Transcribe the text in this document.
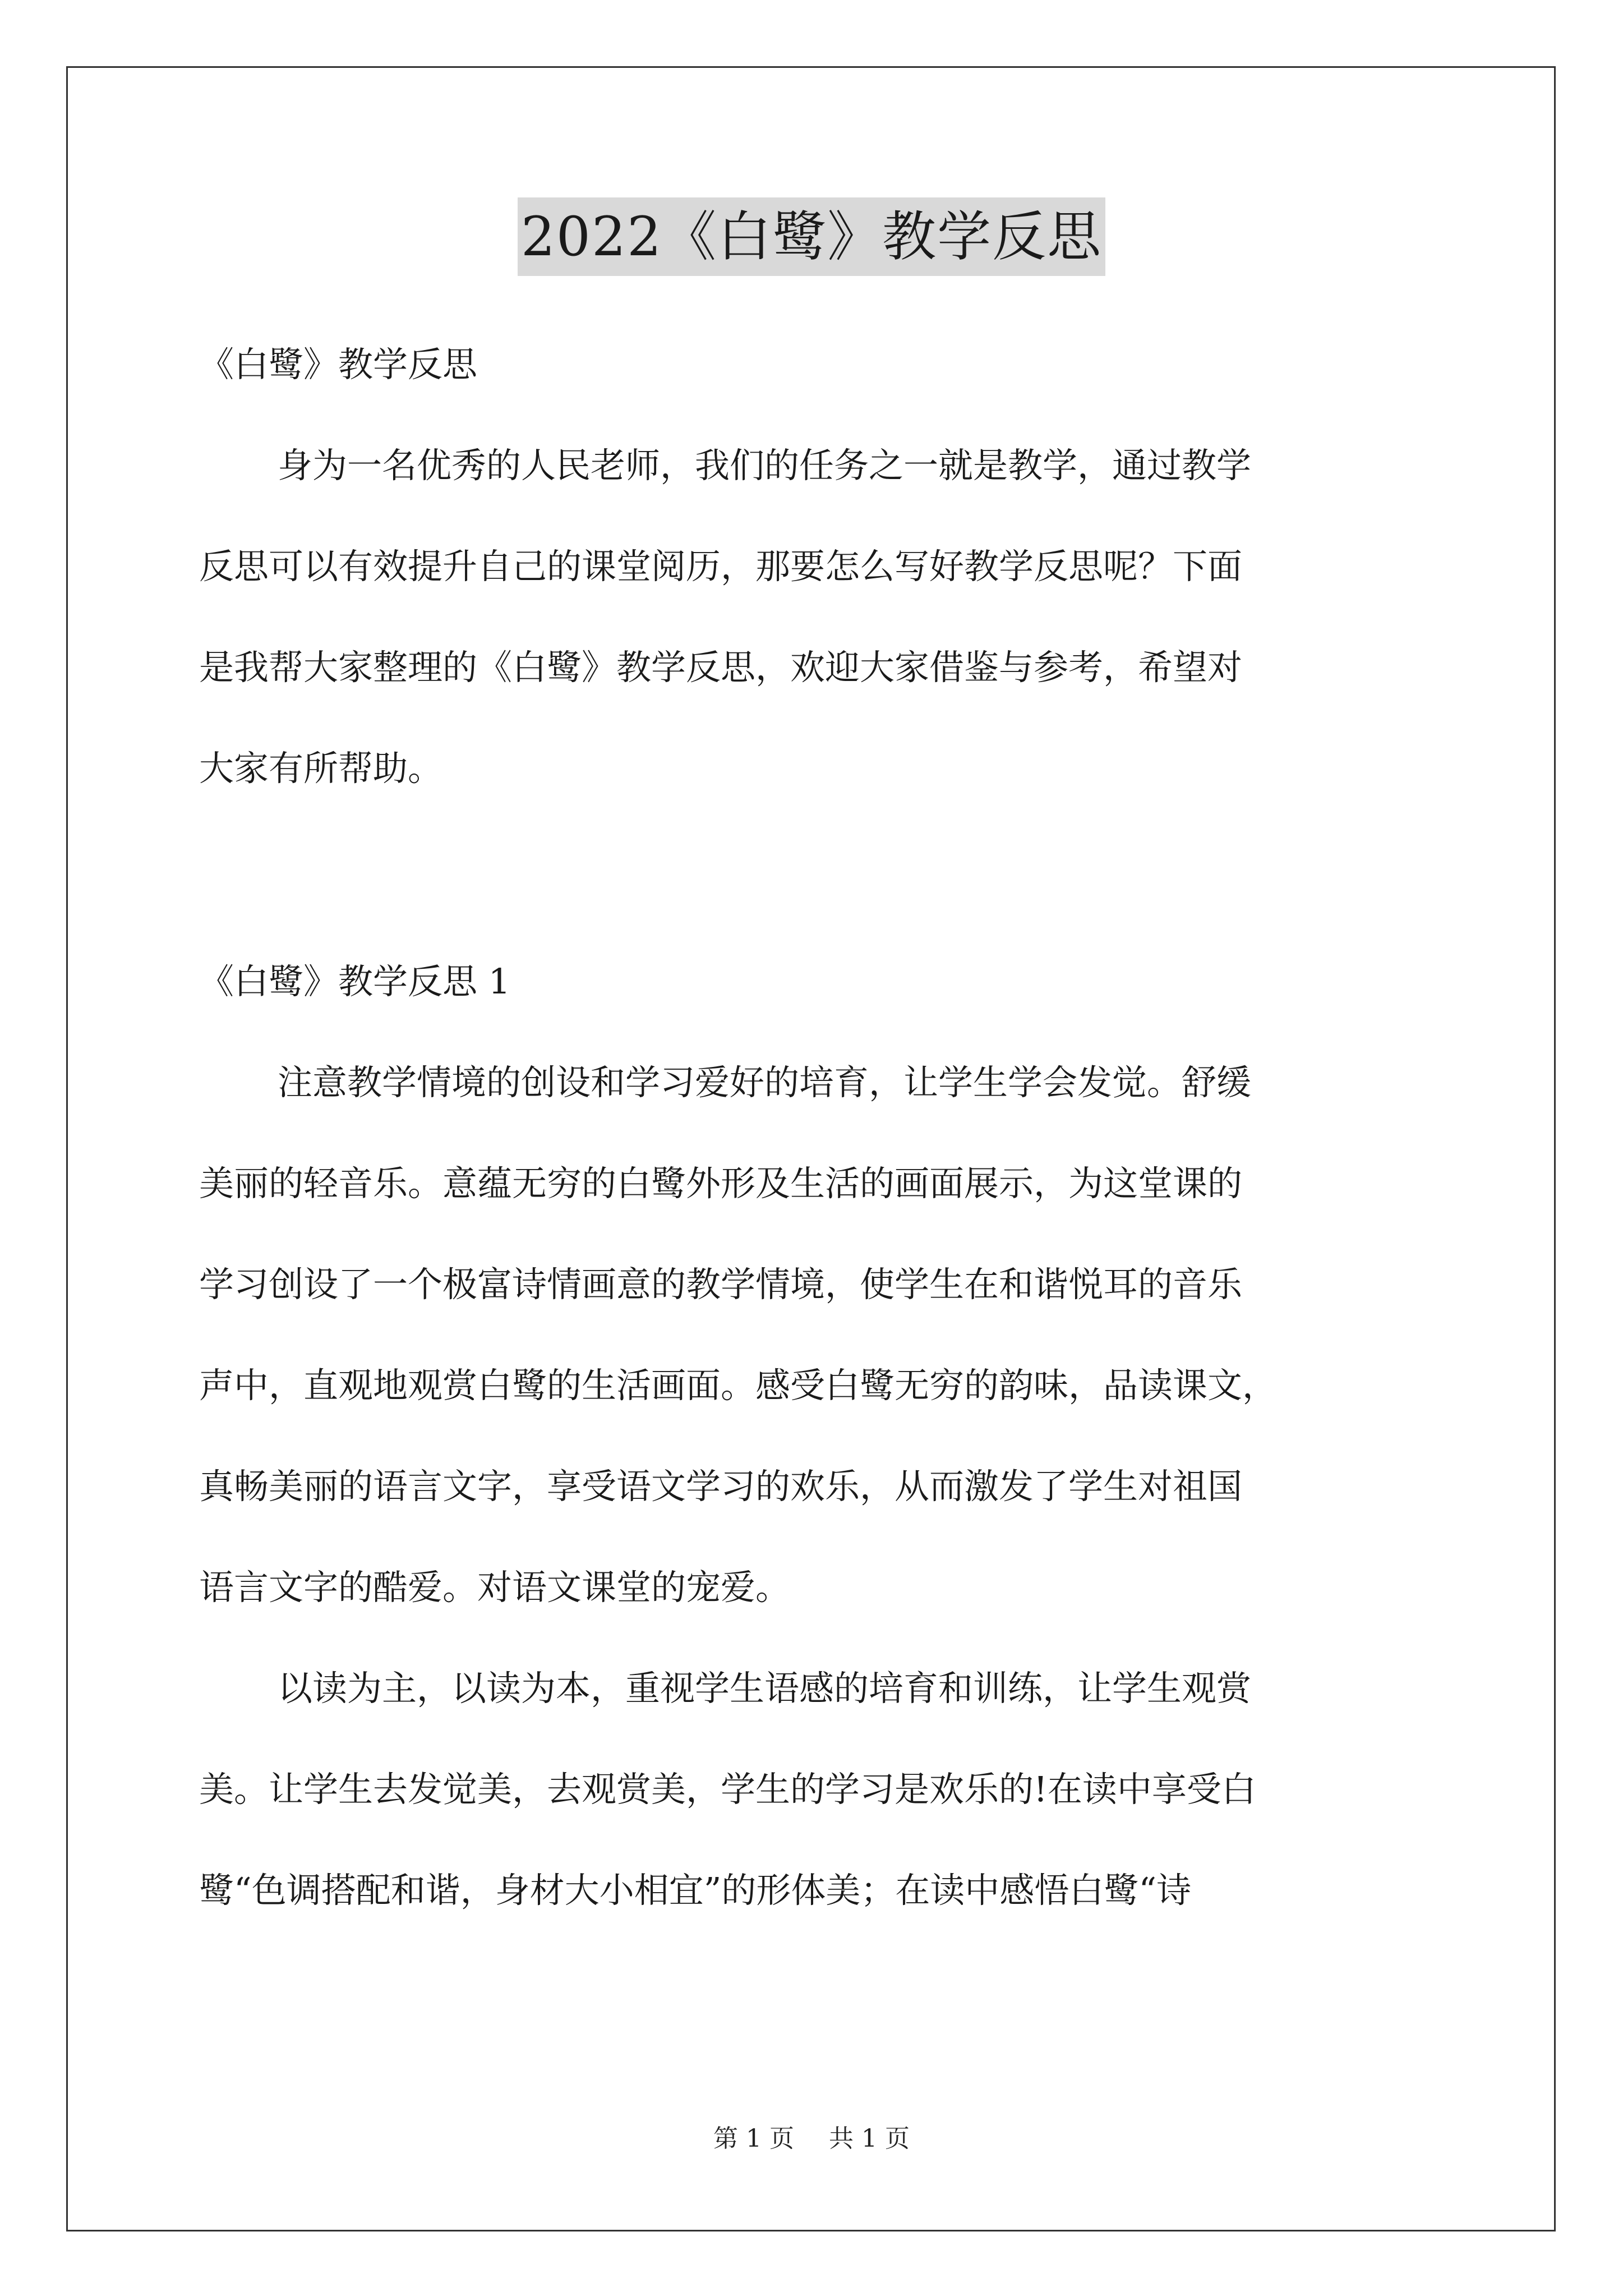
2022《白鹭》教学反思
《白鹭》教学反思
身为一名优秀的人民老师，我们的任务之一就是教学，通过教学
反思可以有效提升自己的课堂阅历，那要怎么写好教学反思呢？下面
是我帮大家整理的《白鹭》教学反思，欢迎大家借鉴与参考，希望对
大家有所帮助。
《白鹭》教学反思 1
注意教学情境的创设和学习爱好的培育，让学生学会发觉。舒缓
美丽的轻音乐。意蕴无穷的白鹭外形及生活的画面展示，为这堂课的
学习创设了一个极富诗情画意的教学情境，使学生在和谐悦耳的音乐
声中，直观地观赏白鹭的生活画面。感受白鹭无穷的韵味，品读课文，
真畅美丽的语言文字，享受语文学习的欢乐，从而激发了学生对祖国
语言文字的酷爱。对语文课堂的宠爱。
以读为主，以读为本，重视学生语感的培育和训练，让学生观赏
美。让学生去发觉美，去观赏美，学生的学习是欢乐的!在读中享受白
鹭“色调搭配和谐，身材大小相宜”的形体美；在读中感悟白鹭“诗
第 1 页 共 1 页
